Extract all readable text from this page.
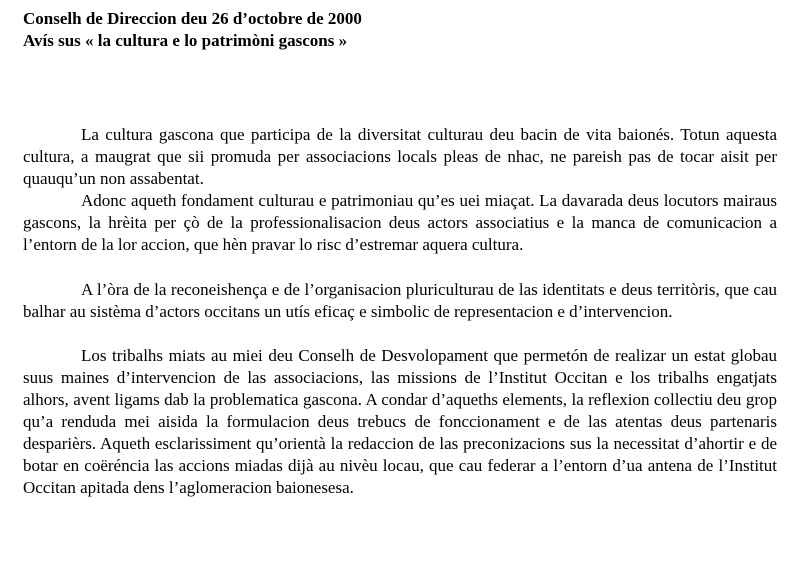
Conselh de Direccion deu 26 d’octobre de 2000

Avís sus « la cultura e lo patrimòni gascons »

La cultura gascona que participa de la diversitat culturau deu bacin de vita baionés. Totun aquesta cultura, a maugrat que sii promuda per associacions locals pleas de nhac, ne pareish pas de tocar aisit per quauqu’un non assabentat.

Adonc aqueth fondament culturau e patrimoniau qu’es uei miaçat. La davarada deus locutors mairaus gascons, la hrèita per çò de la professionalisacion deus actors associatius e la manca de comunicacion a l’entorn de la lor accion, que hèn pravar lo risc d’estremar aquera cultura.

A l’òra de la reconeishença e de l’organisacion pluriculturau de las identitats e deus territòris, que cau balhar au sistèma d’actors occitans un utís eficaç e simbolic de representacion e d’intervencion.

Los tribalhs miats au miei deu Conselh de Desvolopament que permetón de realizar un estat globau suus maines d’intervencion de las associacions, las missions de l’Institut Occitan e los tribalhs engatjats alhors, avent ligams dab la problematica gascona. A condar d’aqueths elements, la reflexion collectiu deu grop qu’a renduda mei aisida la formulacion deus trebucs de fonccionament e de las atentas deus partenaris desparièrs. Aqueth esclarissiment qu’orientà la redaccion de las preconizacions sus la necessitat d’ahortir e de botar en coëréncia las accions miadas dijà au nivèu locau, que cau federar a l’entorn d’ua antena de l’Institut Occitan apitada dens l’aglomeracion baionesesa.
